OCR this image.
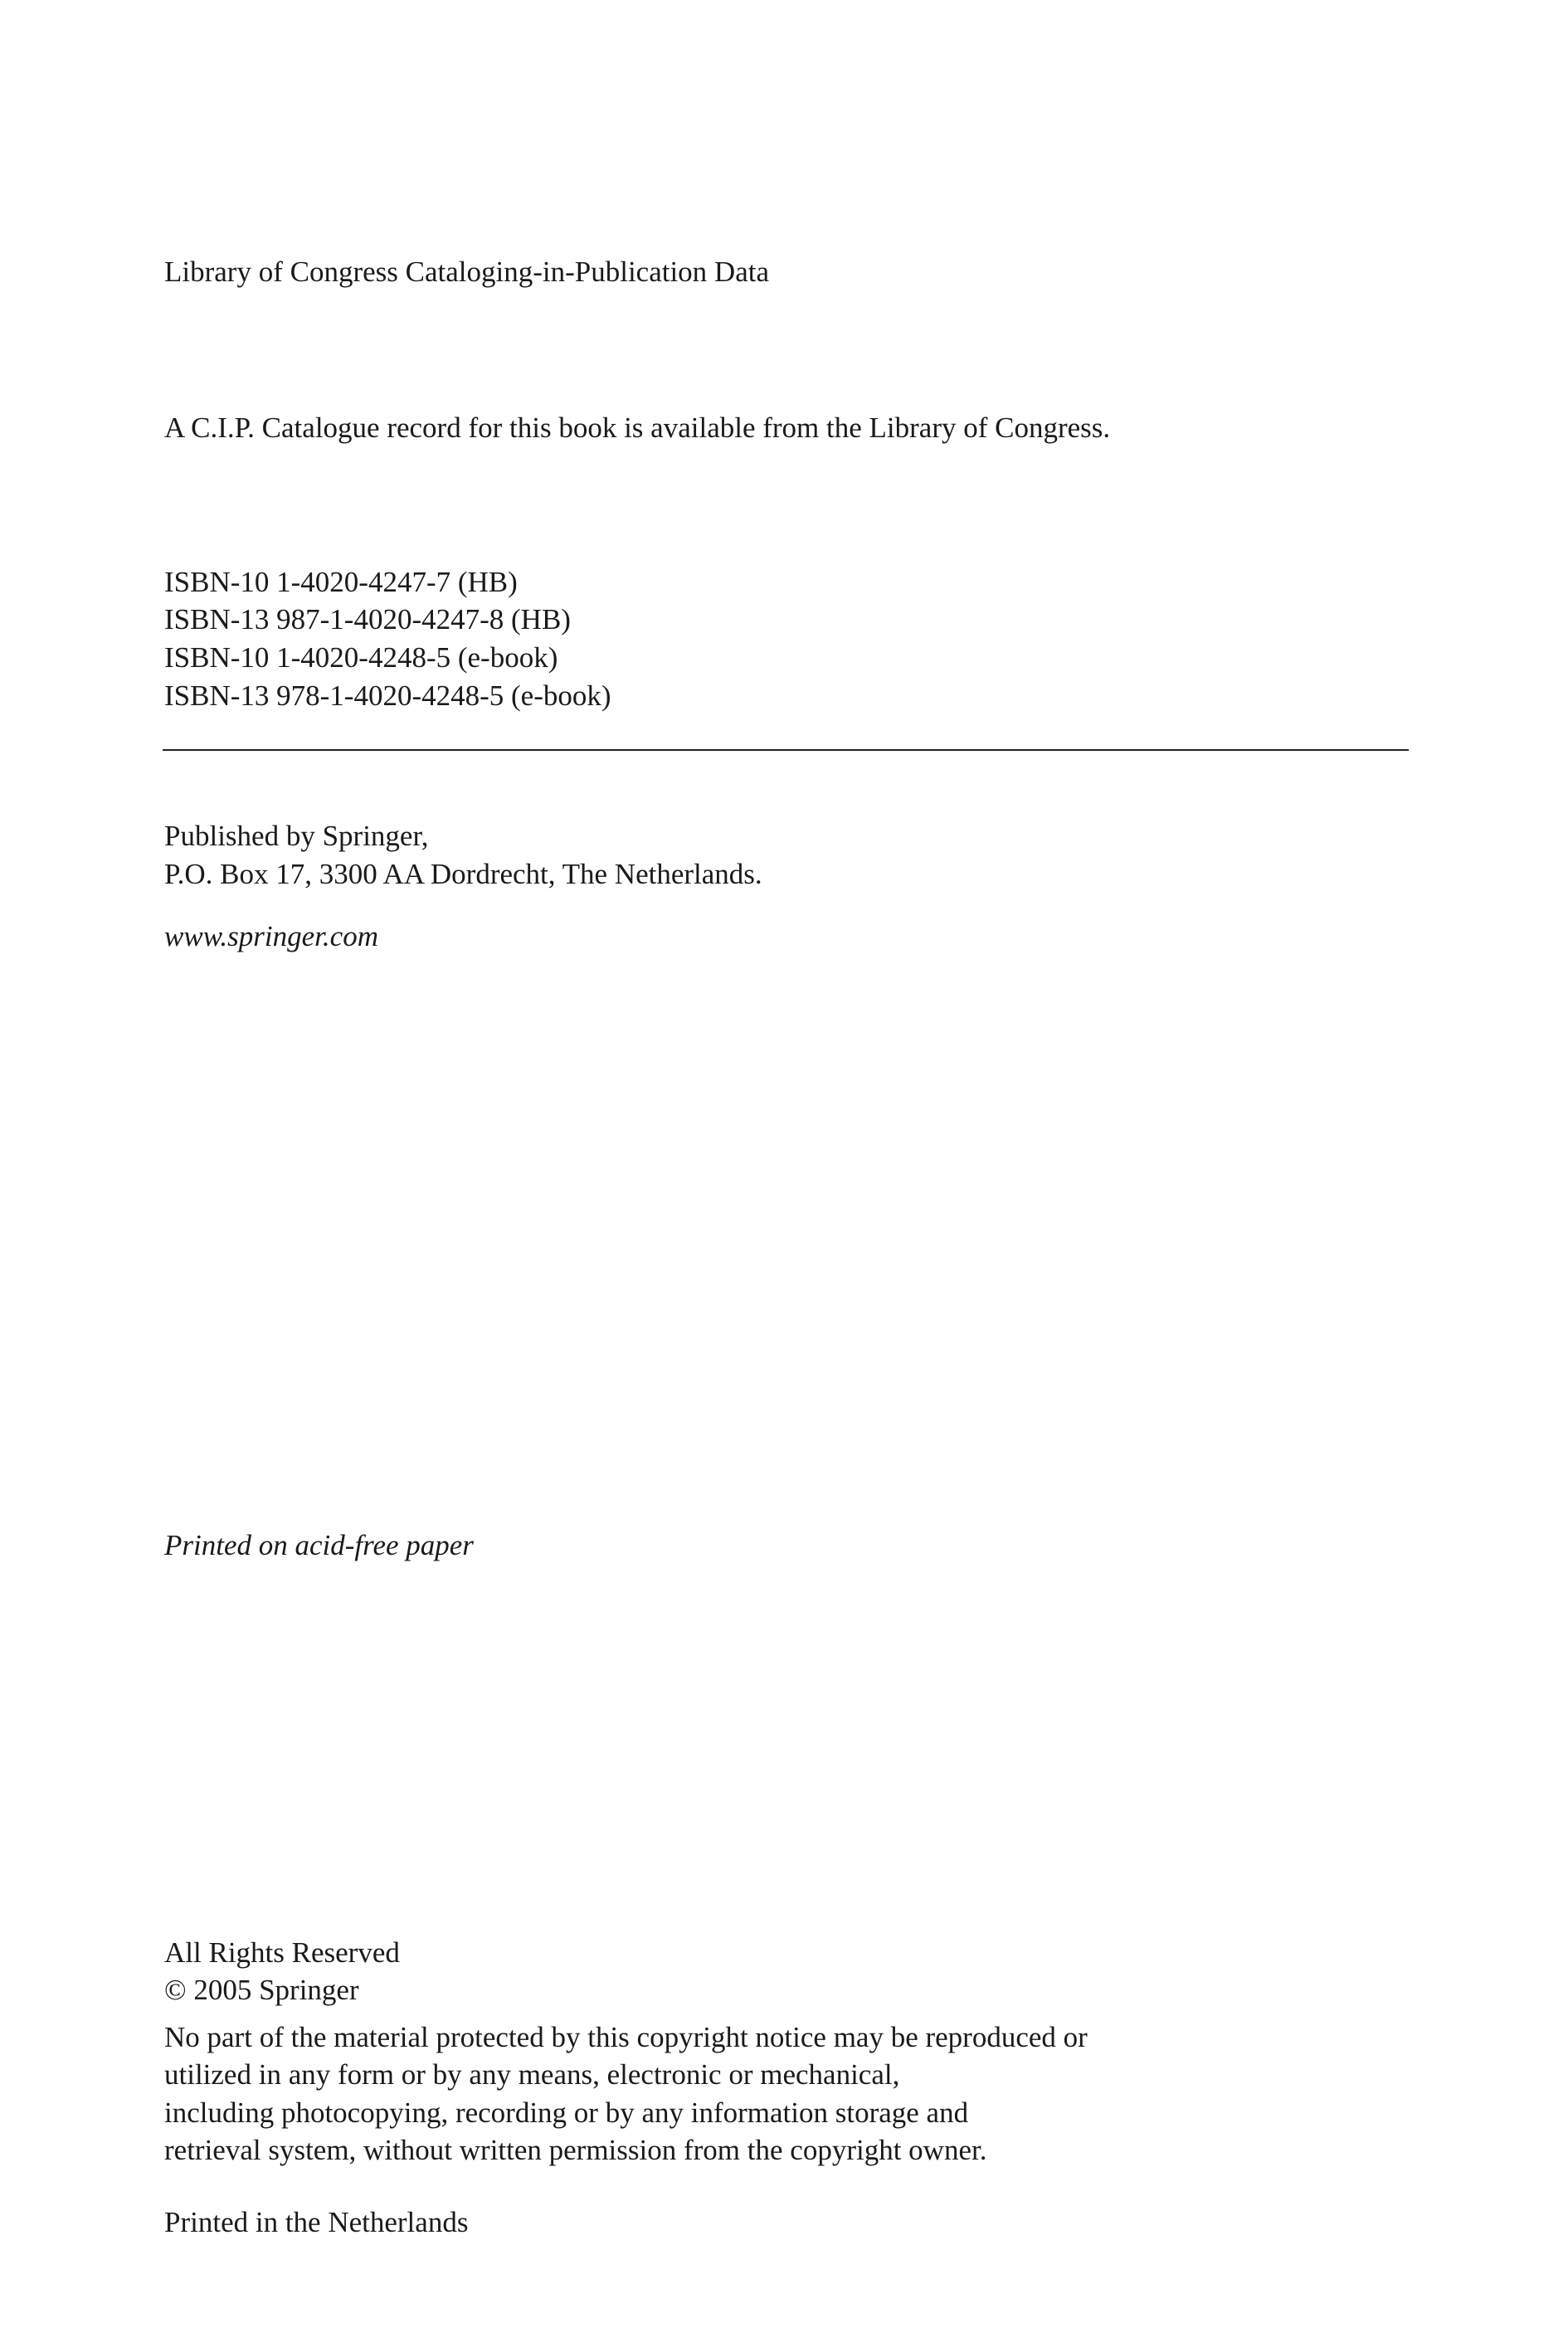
Library of Congress Cataloging-in-Publication Data
A C.I.P. Catalogue record for this book is available from the Library of Congress.
ISBN-10 1-4020-4247-7 (HB)
ISBN-13 987-1-4020-4247-8 (HB)
ISBN-10 1-4020-4248-5 (e-book)
ISBN-13 978-1-4020-4248-5 (e-book)
Published by Springer,
P.O. Box 17, 3300 AA Dordrecht, The Netherlands.
www.springer.com
Printed on acid-free paper
All Rights Reserved
© 2005 Springer
No part of the material protected by this copyright notice may be reproduced or
utilized in any form or by any means, electronic or mechanical,
including photocopying, recording or by any information storage and
retrieval system, without written permission from the copyright owner.
Printed in the Netherlands
